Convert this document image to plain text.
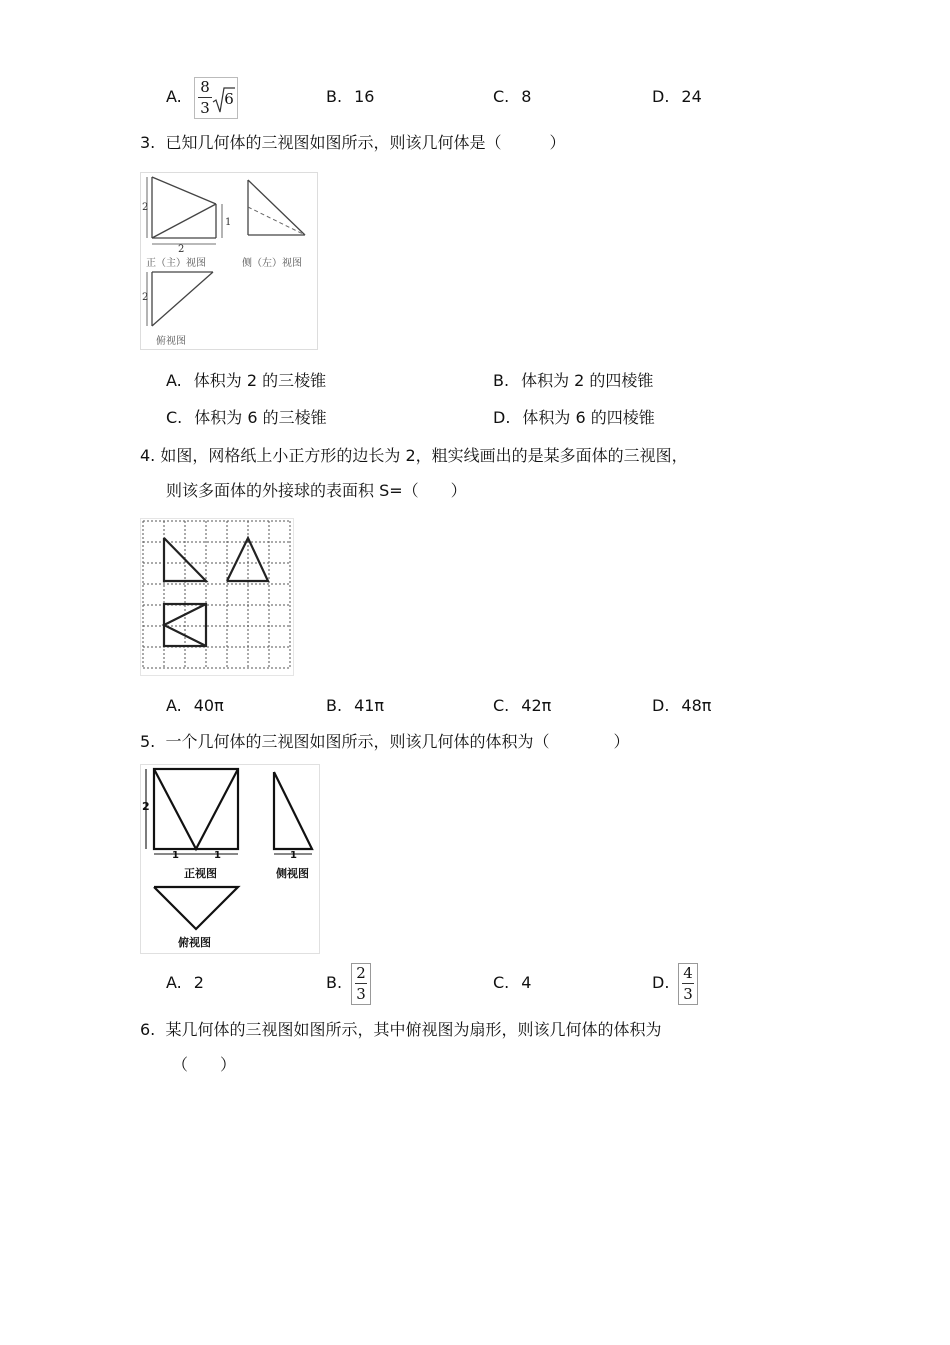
A. 8
3 6	B. 16	C. 8	D. 24
3. 已知几何体的三视图如图所示，则该几何体是（　　　）
2
1
2
正（主）视图	侧（左）视图
2
俯视图
A. 体积为 2 的三棱锥	B. 体积为 2 的四棱锥
C. 体积为 6 的三棱锥	D. 体积为 6 的四棱锥
4. 如图，网格纸上小正方形的边长为 2，粗实线画出的是某多面体的三视图，
则该多面体的外接球的表面积 S=（　　）
A. 40π	B. 41π	C. 42π	D. 48π
5. 一个几何体的三视图如图所示，则该几何体的体积为（　　　　）
2
1	1
正视图
1
侧视图
俯视图
A. 2	B. 2
3
C. 4	D. 4
3
6. 某几何体的三视图如图所示，其中俯视图为扇形，则该几何体的体积为
（　　）
